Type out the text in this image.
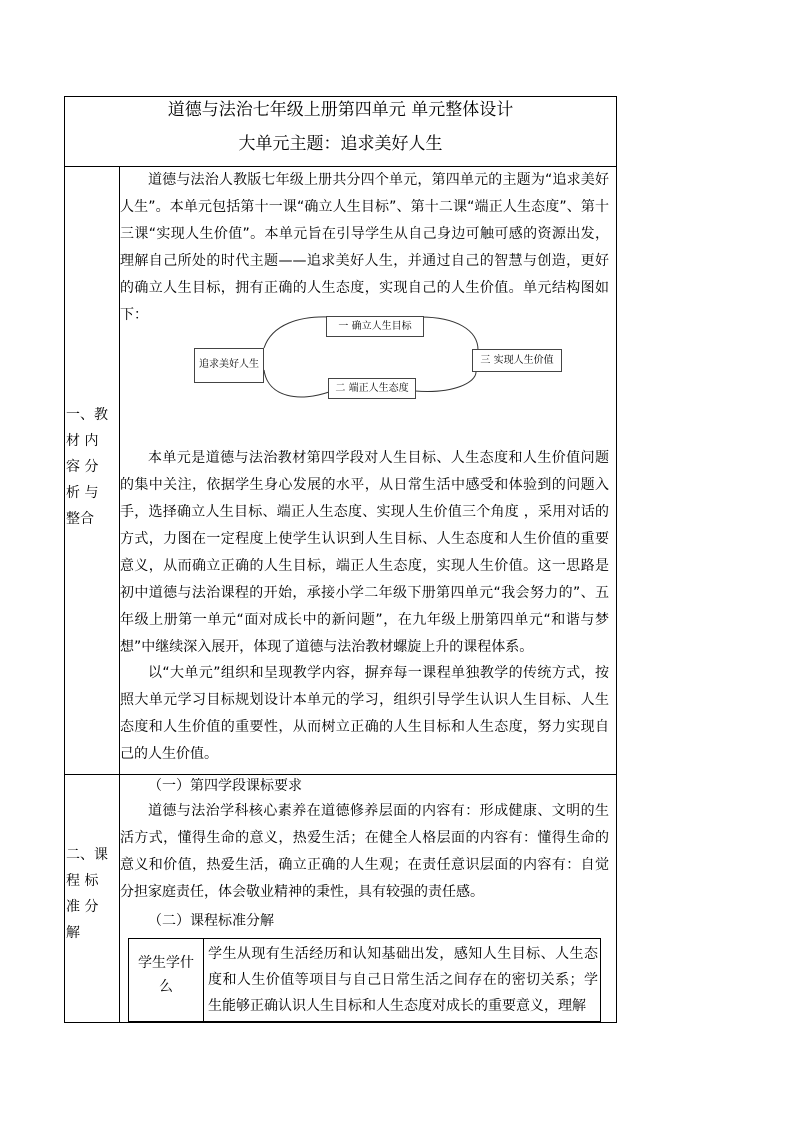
道德与法治七年级上册第四单元 单元整体设计
大单元主题：追求美好人生
一、教
材 内
容 分
析 与
整合

道德与法治人教版七年级上册共分四个单元，第四单元的主题为“追求美好人生”。本单元包括第十一课“确立人生目标”、第十二课“端正人生态度”、第十三课“实现人生价值”。本单元旨在引导学生从自己身边可触可感的资源出发，理解自己所处的时代主题——追求美好人生，并通过自己的智慧与创造，更好的确立人生目标，拥有正确的人生态度，实现自己的人生价值。单元结构图如下：

追求美好人生
一 确立人生目标
二 端正人生态度
三 实现人生价值

本单元是道德与法治教材第四学段对人生目标、人生态度和人生价值问题的集中关注，依据学生身心发展的水平，从日常生活中感受和体验到的问题入手，选择确立人生目标、端正人生态度、实现人生价值三个角度 ，采用对话的方式，力图在一定程度上使学生认识到人生目标、人生态度和人生价值的重要意义，从而确立正确的人生目标，端正人生态度，实现人生价值。这一思路是初中道德与法治课程的开始，承接小学二年级下册第四单元“我会努力的”、五年级上册第一单元“面对成长中的新问题”，在九年级上册第四单元“和谐与梦想”中继续深入展开，体现了道德与法治教材螺旋上升的课程体系。

以“大单元”组织和呈现教学内容，摒弃每一课程单独教学的传统方式，按照大单元学习目标规划设计本单元的学习，组织引导学生认识人生目标、人生态度和人生价值的重要性，从而树立正确的人生目标和人生态度，努力实现自己的人生价值。

二、课
程 标
准 分
解
（一）第四学段课标要求

道德与法治学科核心素养在道德修养层面的内容有：形成健康、文明的生活方式，懂得生命的意义，热爱生活；在健全人格层面的内容有：懂得生命的意义和价值，热爱生活，确立正确的人生观；在责任意识层面的内容有：自觉分担家庭责任，体会敬业精神的秉性，具有较强的责任感。

（二）课程标准分解
学生学什么
学生从现有生活经历和认知基础出发，感知人生目标、人生态度和人生价值等项目与自己日常生活之间存在的密切关系；学生能够正确认识人生目标和人生态度对成长的重要意义，理解
